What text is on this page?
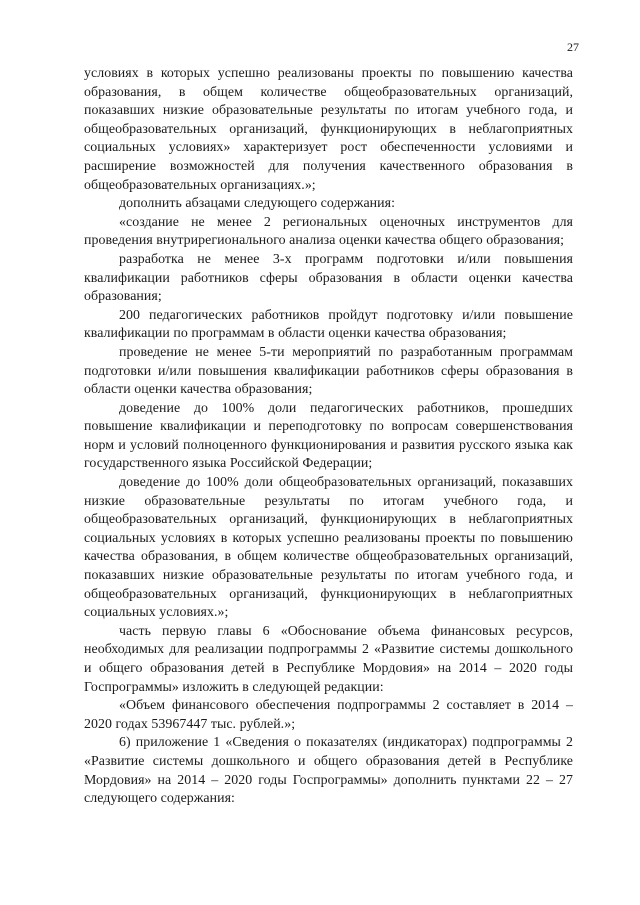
27

условиях в которых успешно реализованы проекты по повышению качества образования, в общем количестве общеобразовательных организаций, показавших низкие образовательные результаты по итогам учебного года, и общеобразовательных организаций, функционирующих в неблагоприятных социальных условиях» характеризует рост обеспеченности условиями и расширение возможностей для получения качественного образования в общеобразовательных организациях.»;

дополнить абзацами следующего содержания:

«создание не менее 2 региональных оценочных инструментов для проведения внутрирегионального анализа оценки качества общего образования;

разработка не менее 3-х программ подготовки и/или повышения квалификации работников сферы образования в области оценки качества образования;

200 педагогических работников пройдут подготовку и/или повышение квалификации по программам в области оценки качества образования;

проведение не менее 5-ти мероприятий по разработанным программам подготовки и/или повышения квалификации работников сферы образования в области оценки качества образования;

доведение до 100% доли педагогических работников, прошедших повышение квалификации и переподготовку по вопросам совершенствования норм и условий полноценного функционирования и развития русского языка как государственного языка Российской Федерации;

доведение до 100% доли общеобразовательных организаций, показавших низкие образовательные результаты по итогам учебного года, и общеобразовательных организаций, функционирующих в неблагоприятных социальных условиях в которых успешно реализованы проекты по повышению качества образования, в общем количестве общеобразовательных организаций, показавших низкие образовательные результаты по итогам учебного года, и общеобразовательных организаций, функционирующих в неблагоприятных социальных условиях.»;

часть первую главы 6 «Обоснование объема финансовых ресурсов, необходимых для реализации подпрограммы 2 «Развитие системы дошкольного и общего образования детей в Республике Мордовия» на 2014 – 2020 годы Госпрограммы» изложить в следующей редакции:

«Объем финансового обеспечения подпрограммы 2 составляет в 2014 – 2020 годах 53967447 тыс. рублей.»;

6) приложение 1 «Сведения о показателях (индикаторах) подпрограммы 2 «Развитие системы дошкольного и общего образования детей в Республике Мордовия» на 2014 – 2020 годы Госпрограммы» дополнить пунктами 22 – 27 следующего содержания:
